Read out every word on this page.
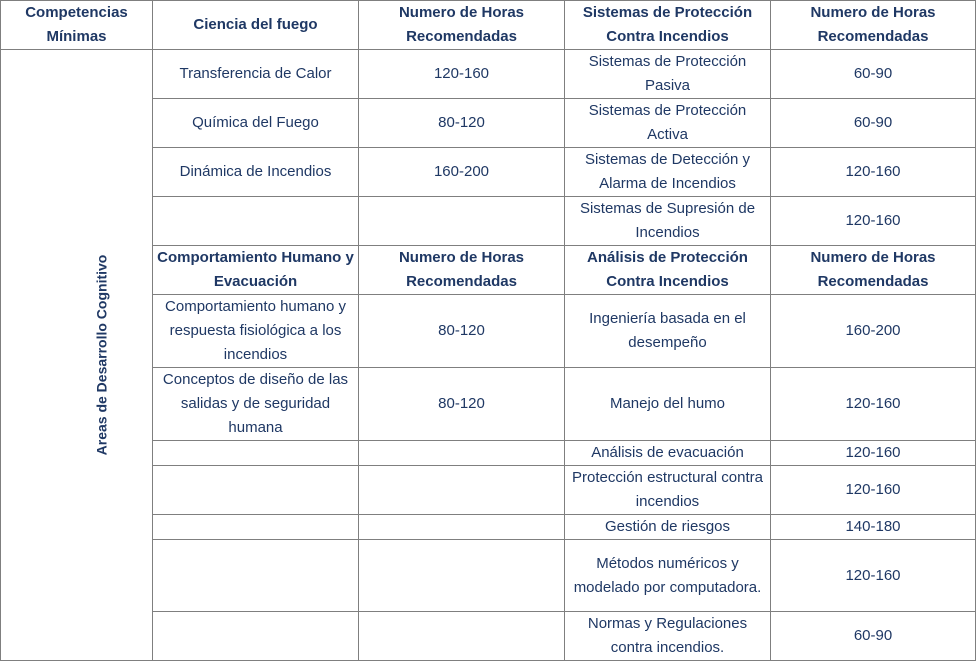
Competencias Mínimas	Ciencia del fuego	Numero de Horas Recomendadas	Sistemas de Protección Contra Incendios	Numero de Horas Recomendadas
Areas de Desarrollo Cognitivo	Transferencia de Calor	120-160	Sistemas de Protección Pasiva	60-90
	Química del Fuego	80-120	Sistemas de Protección Activa	60-90
	Dinámica de Incendios	160-200	Sistemas de Detección y Alarma de Incendios	120-160
			Sistemas de Supresión de Incendios	120-160
	Comportamiento Humano y Evacuación	Numero de Horas Recomendadas	Análisis de Protección Contra Incendios	Numero de Horas Recomendadas
	Comportamiento humano y respuesta fisiológica a los incendios	80-120	Ingeniería basada en el desempeño	160-200
	Conceptos de diseño de las salidas y de seguridad humana	80-120	Manejo del humo	120-160
			Análisis de evacuación	120-160
			Protección estructural contra incendios	120-160
			Gestión de riesgos	140-180
			Métodos numéricos y modelado por computadora.	120-160
			Normas y Regulaciones contra incendios.	60-90
